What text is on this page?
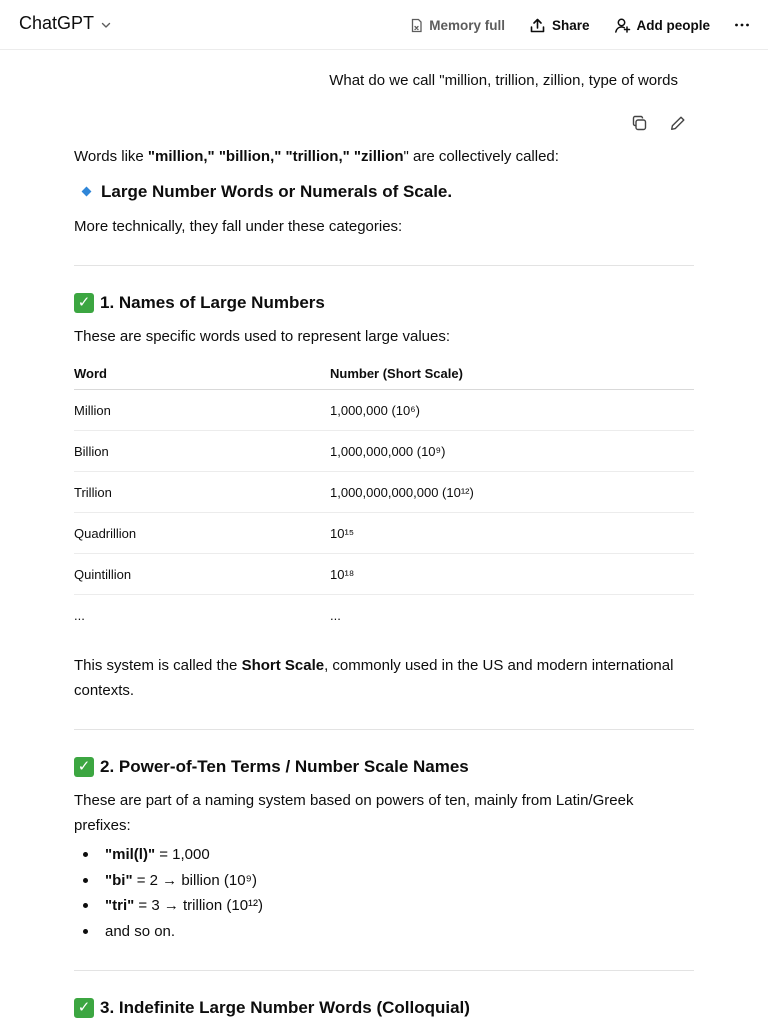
ChatGPT	Memory full	Share	Add people
What do we call "million, trillion, zillion, type of words

Words like "million," "billion," "trillion," "zillion" are collectively called:

Large Number Words or Numerals of Scale.

More technically, they fall under these categories:

✓ 1. Names of Large Numbers

These are specific words used to represent large values:

Word	Number (Short Scale)
Million	1,000,000 (10⁶)
Billion	1,000,000,000 (10⁹)
Trillion	1,000,000,000,000 (10¹²)
Quadrillion	10¹⁵
Quintillion	10¹⁸
...	...

This system is called the Short Scale, commonly used in the US and modern international contexts.

✓ 2. Power-of-Ten Terms / Number Scale Names

These are part of a naming system based on powers of ten, mainly from Latin/Greek prefixes:

"mil(l)" = 1,000
"bi" = 2 → billion (10⁹)
"tri" = 3 → trillion (10¹²)
and so on.
✓ 3. Indefinite Large Number Words (Colloquial)
